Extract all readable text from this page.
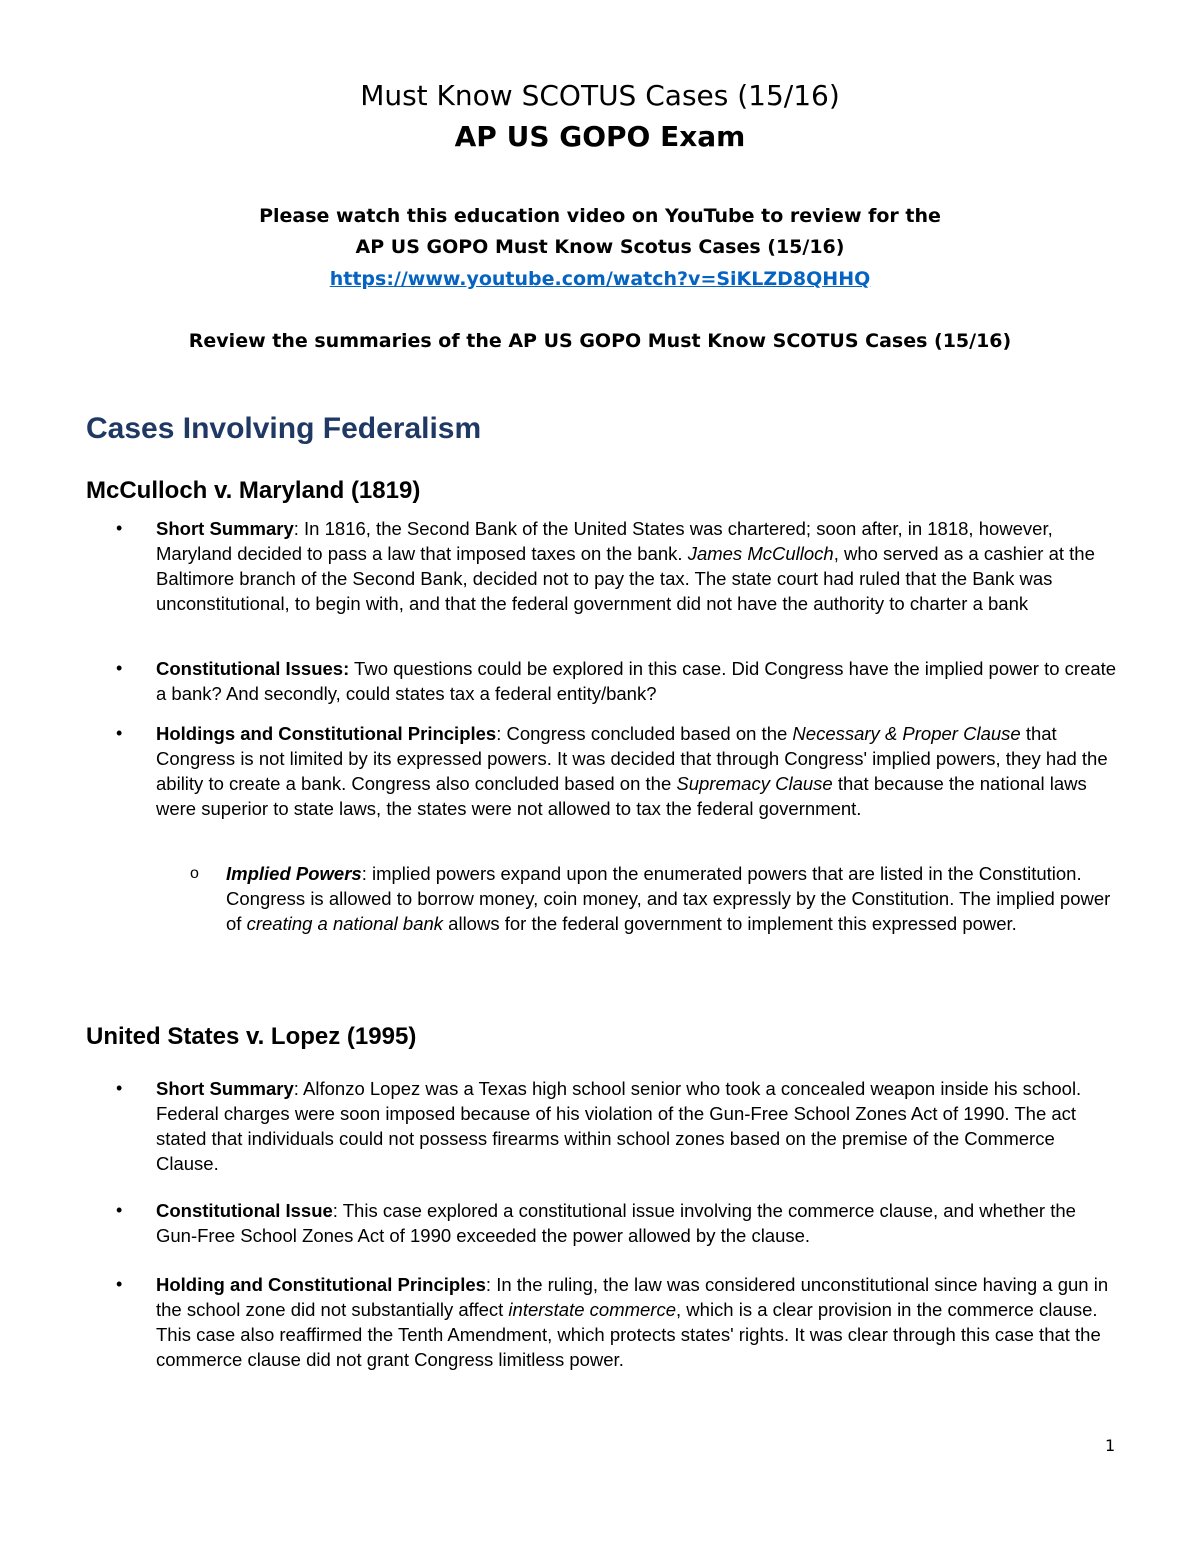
Must Know SCOTUS Cases (15/16)
AP US GOPO Exam
Please watch this education video on YouTube to review for the
AP US GOPO Must Know Scotus Cases (15/16)
https://www.youtube.com/watch?v=SiKLZD8QHHQ
Review the summaries of the AP US GOPO Must Know SCOTUS Cases (15/16)
Cases Involving Federalism
McCulloch v. Maryland (1819)
• Short Summary: In 1816, the Second Bank of the United States was chartered; soon after, in 1818, however, Maryland decided to pass a law that imposed taxes on the bank. James McCulloch, who served as a cashier at the Baltimore branch of the Second Bank, decided not to pay the tax. The state court had ruled that the Bank was unconstitutional, to begin with, and that the federal government did not have the authority to charter a bank
• Constitutional Issues: Two questions could be explored in this case. Did Congress have the implied power to create a bank? And secondly, could states tax a federal entity/bank?
• Holdings and Constitutional Principles: Congress concluded based on the Necessary & Proper Clause that Congress is not limited by its expressed powers. It was decided that through Congress' implied powers, they had the ability to create a bank. Congress also concluded based on the Supremacy Clause that because the national laws were superior to state laws, the states were not allowed to tax the federal government.
o Implied Powers: implied powers expand upon the enumerated powers that are listed in the Constitution. Congress is allowed to borrow money, coin money, and tax expressly by the Constitution. The implied power of creating a national bank allows for the federal government to implement this expressed power.
United States v. Lopez (1995)
• Short Summary: Alfonzo Lopez was a Texas high school senior who took a concealed weapon inside his school. Federal charges were soon imposed because of his violation of the Gun-Free School Zones Act of 1990. The act stated that individuals could not possess firearms within school zones based on the premise of the Commerce Clause.
• Constitutional Issue: This case explored a constitutional issue involving the commerce clause, and whether the Gun-Free School Zones Act of 1990 exceeded the power allowed by the clause.
• Holding and Constitutional Principles: In the ruling, the law was considered unconstitutional since having a gun in the school zone did not substantially affect interstate commerce, which is a clear provision in the commerce clause. This case also reaffirmed the Tenth Amendment, which protects states' rights. It was clear through this case that the commerce clause did not grant Congress limitless power.
1
